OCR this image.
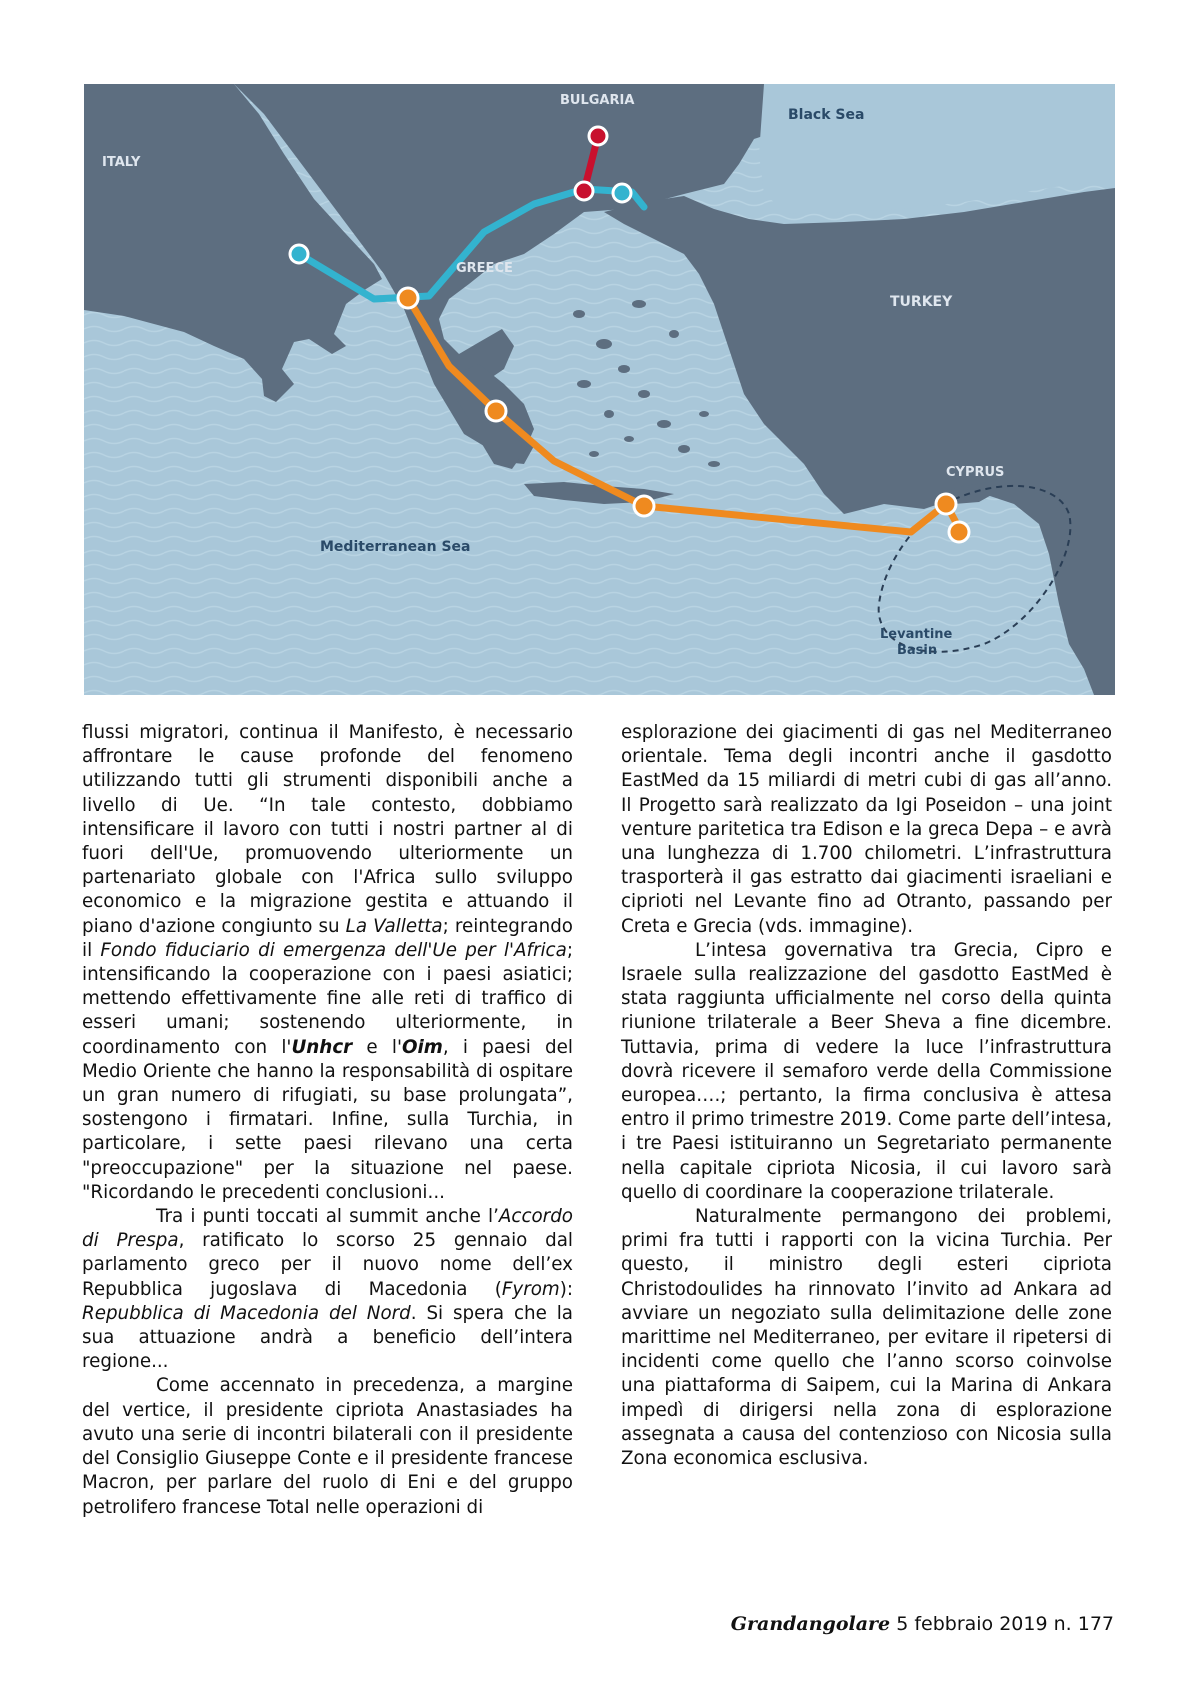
BULGARIA
Black Sea
ITALY
GREECE
TURKEY
CYPRUS
Mediterranean Sea
Levantine
Basin

flussi migratori, continua il Manifesto, è necessario affrontare le cause profonde del fenomeno utilizzando tutti gli strumenti disponibili anche a livello di Ue. “In tale contesto, dobbiamo intensificare il lavoro con tutti i nostri partner al di fuori dell'Ue, promuovendo ulteriormente un partenariato globale con l'Africa sullo sviluppo economico e la migrazione gestita e attuando il piano d'azione congiunto su La Valletta; reintegrando il Fondo fiduciario di emergenza dell'Ue per l'Africa; intensificando la cooperazione con i paesi asiatici; mettendo effettivamente fine alle reti di traffico di esseri umani; sostenendo ulteriormente, in coordinamento con l'Unhcr e l'Oim, i paesi del Medio Oriente che hanno la responsabilità di ospitare un gran numero di rifugiati, su base prolungata”, sostengono i firmatari. Infine, sulla Turchia, in particolare, i sette paesi rilevano una certa "preoccupazione" per la situazione nel paese. "Ricordando le precedenti conclusioni...

Tra i punti toccati al summit anche l’Accordo di Prespa, ratificato lo scorso 25 gennaio dal parlamento greco per il nuovo nome dell’ex Repubblica jugoslava di Macedonia (Fyrom): Repubblica di Macedonia del Nord. Si spera che la sua attuazione andrà a beneficio dell’intera regione...

Come accennato in precedenza, a margine del vertice, il presidente cipriota Anastasiades ha avuto una serie di incontri bilaterali con il presidente del Consiglio Giuseppe Conte e il presidente francese Macron, per parlare del ruolo di Eni e del gruppo petrolifero francese Total nelle operazioni di

esplorazione dei giacimenti di gas nel Mediterraneo orientale. Tema degli incontri anche il gasdotto EastMed da 15 miliardi di metri cubi di gas all’anno. Il Progetto sarà realizzato da Igi Poseidon – una joint venture paritetica tra Edison e la greca Depa – e avrà una lunghezza di 1.700 chilometri. L’infrastruttura trasporterà il gas estratto dai giacimenti israeliani e ciprioti nel Levante fino ad Otranto, passando per Creta e Grecia (vds. immagine).

L’intesa governativa tra Grecia, Cipro e Israele sulla realizzazione del gasdotto EastMed è stata raggiunta ufficialmente nel corso della quinta riunione trilaterale a Beer Sheva a fine dicembre. Tuttavia, prima di vedere la luce l’infrastruttura dovrà ricevere il semaforo verde della Commissione europea….; pertanto, la firma conclusiva è attesa entro il primo trimestre 2019. Come parte dell’intesa, i tre Paesi istituiranno un Segretariato permanente nella capitale cipriota Nicosia, il cui lavoro sarà quello di coordinare la cooperazione trilaterale.

Naturalmente permangono dei problemi, primi fra tutti i rapporti con la vicina Turchia. Per questo, il ministro degli esteri cipriota Christodoulides ha rinnovato l’invito ad Ankara ad avviare un negoziato sulla delimitazione delle zone marittime nel Mediterraneo, per evitare il ripetersi di incidenti come quello che l’anno scorso coinvolse una piattaforma di Saipem, cui la Marina di Ankara impedì di dirigersi nella zona di esplorazione assegnata a causa del contenzioso con Nicosia sulla Zona economica esclusiva.

Grandangolare 5 febbraio 2019 n. 177
